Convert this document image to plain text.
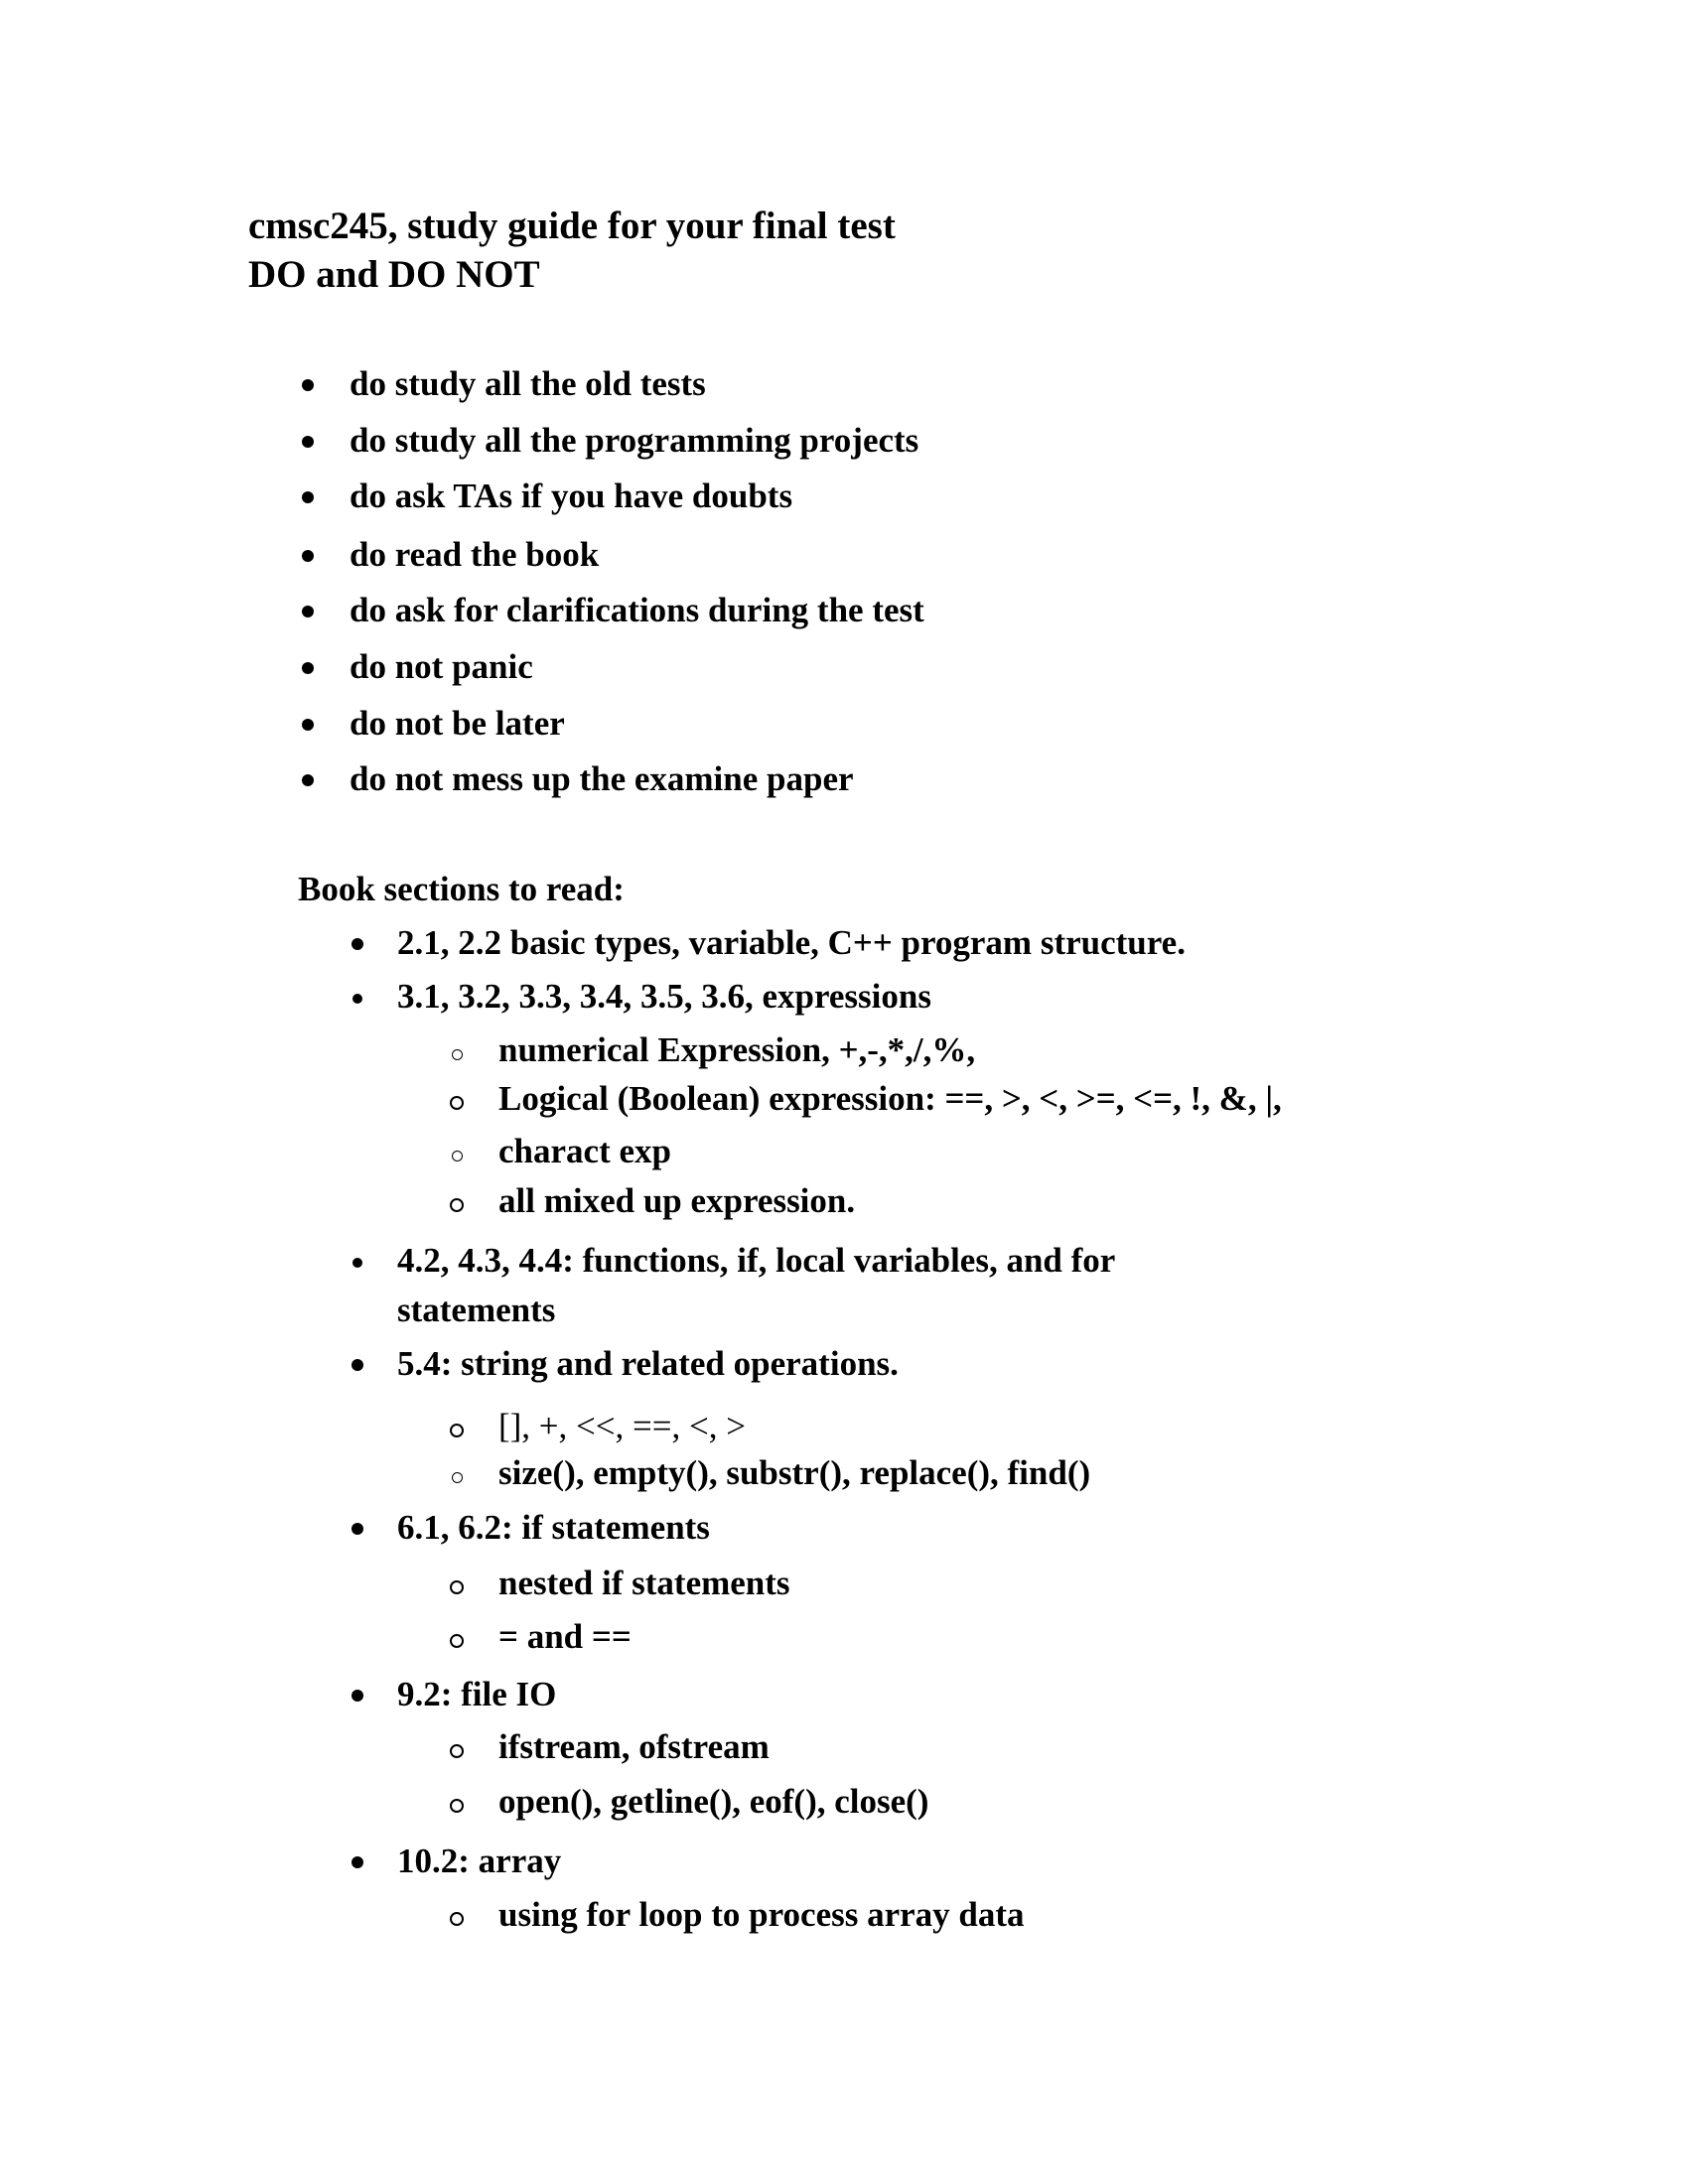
cmsc245, study guide for your final test
DO and DO NOT
do study all the old tests
do study all the programming projects
do ask TAs if you have doubts
do read the book
do ask for clarifications during the test
do not panic
do not be later
do not mess up the examine paper
Book sections to read:
2.1, 2.2 basic types, variable, C++ program structure.
3.1, 3.2, 3.3, 3.4, 3.5, 3.6, expressions
numerical Expression, +,-,*,/,%,
Logical (Boolean) expression: ==, >, <, >=, <=, !, &, |,
charact exp
all mixed up expression.
4.2, 4.3, 4.4: functions, if, local variables, and for
statements
5.4: string and related operations.
[], +, <<, ==, <, >
size(), empty(), substr(), replace(), find()
6.1, 6.2: if statements
nested if statements
= and ==
9.2: file IO
ifstream, ofstream
open(), getline(), eof(), close()
10.2: array
using for loop to process array data
